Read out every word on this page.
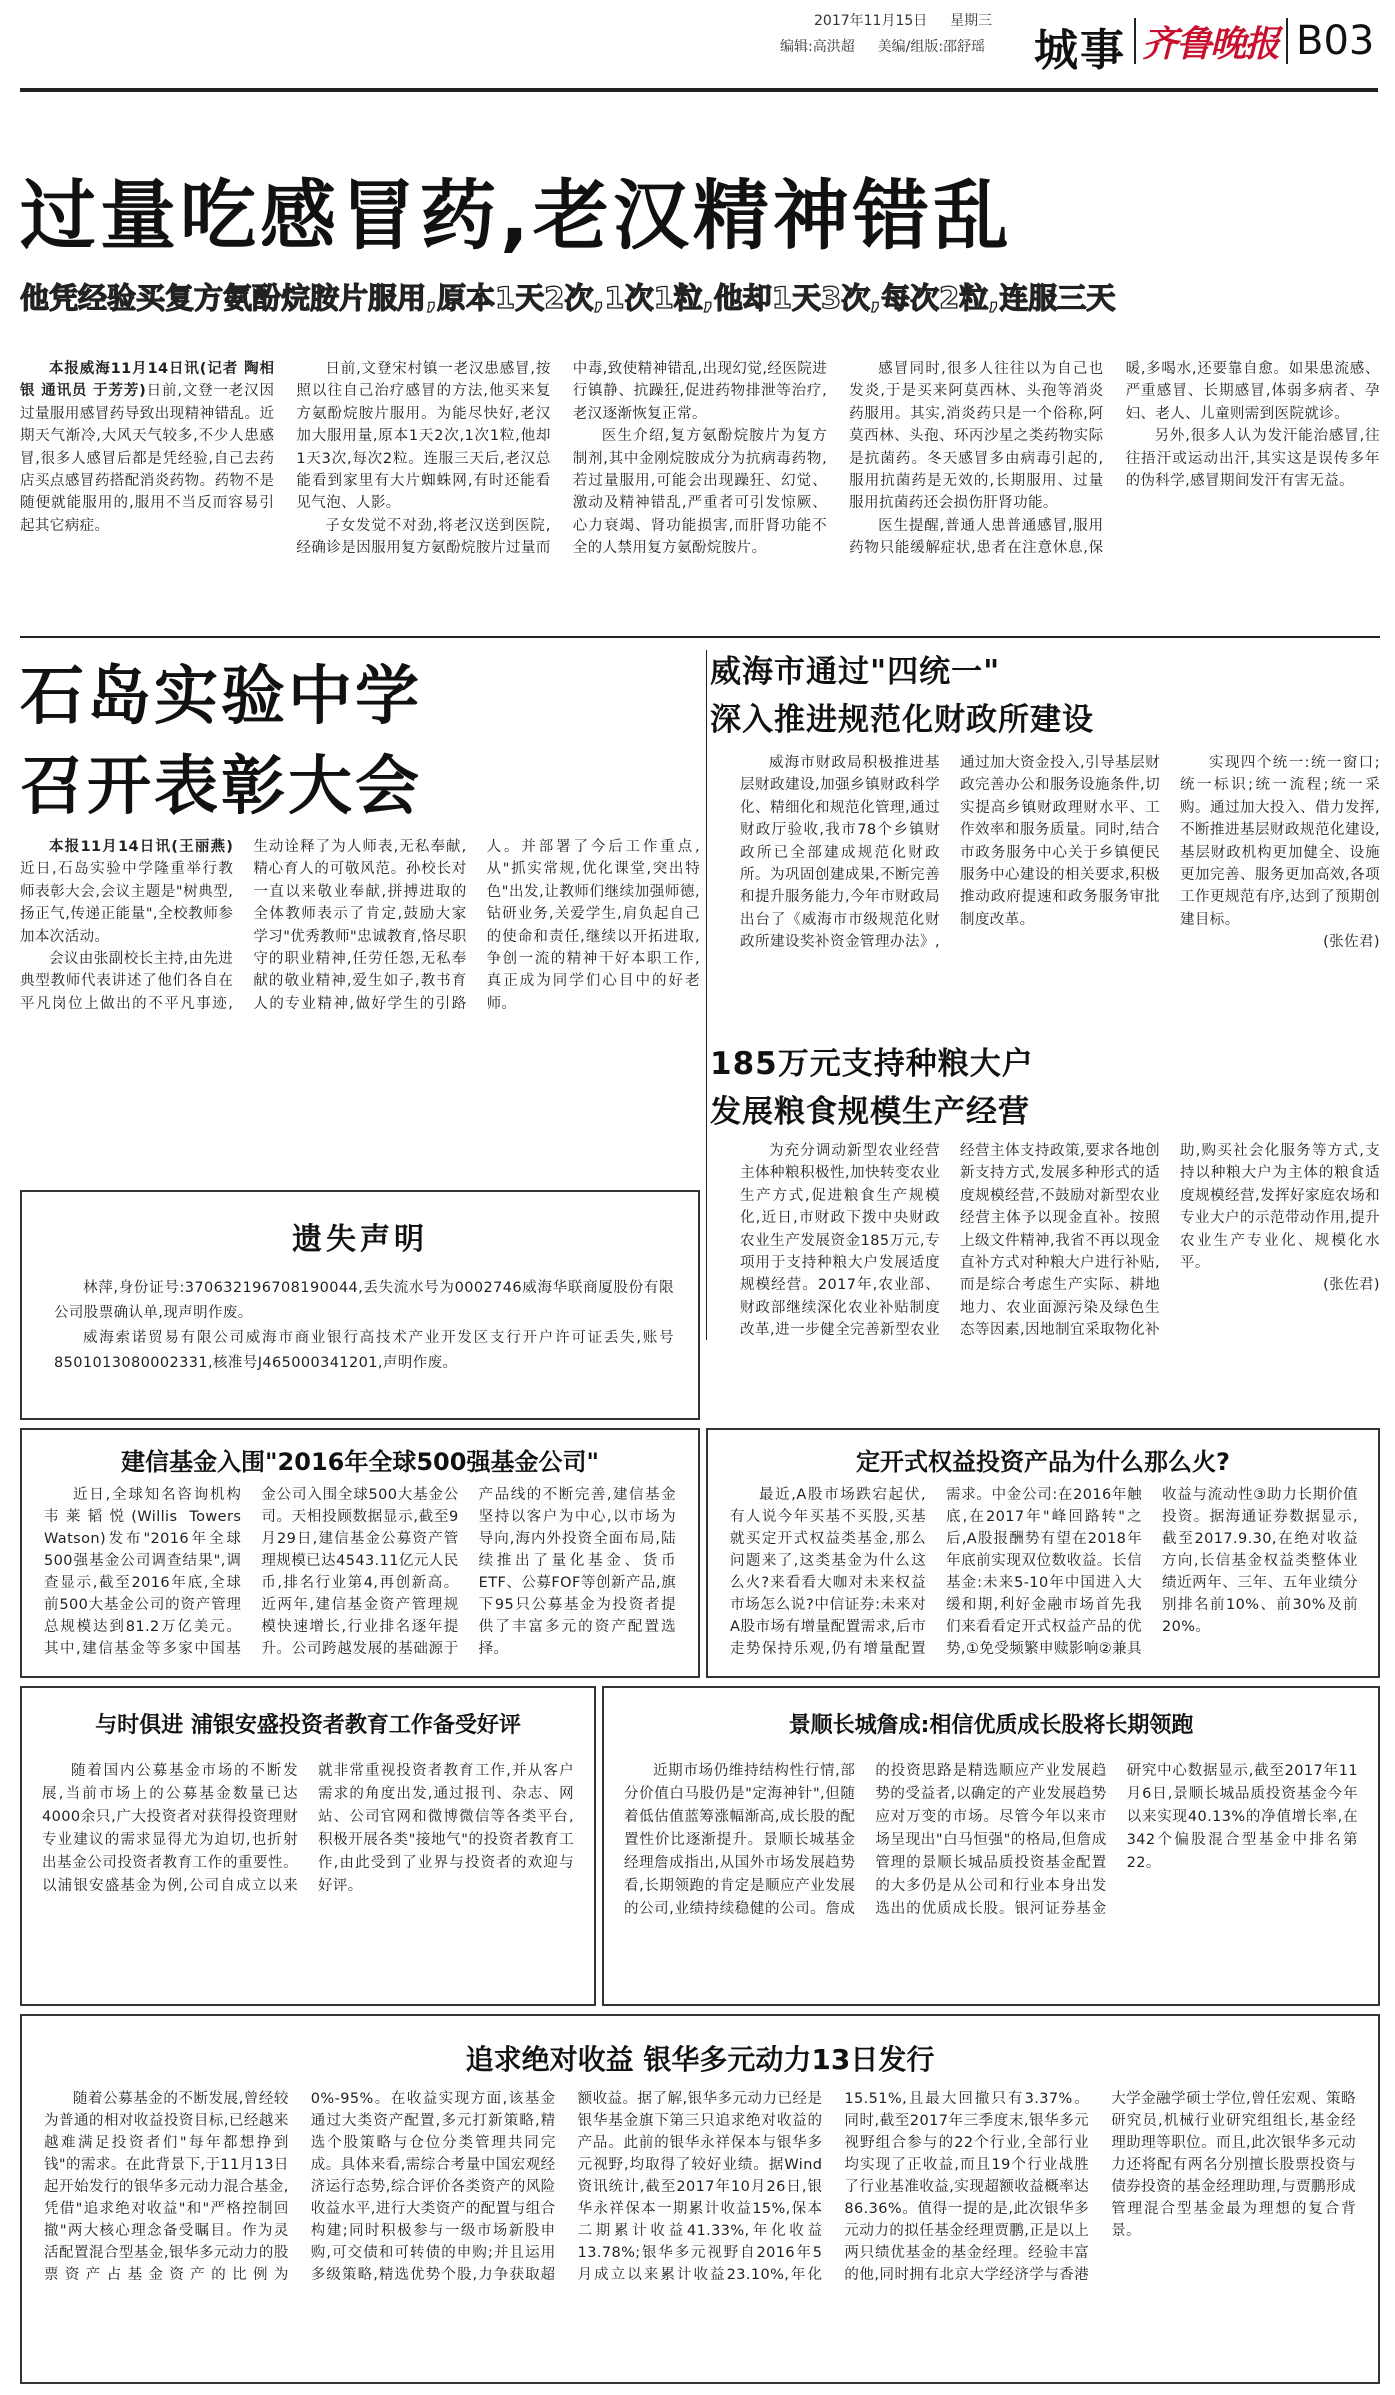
2017年11月15日 星期三
编辑:高洪超 美编/组版:邵舒瑶 城事 齐鲁晚报 B03
过量吃感冒药,老汉精神错乱
他凭经验买复方氨酚烷胺片服用,原本1天2次,1次1粒,他却1天3次,每次2粒,连服三天

本报威海11月14日讯(记者 陶相银 通讯员 于芳芳)日前,文登一老汉因过量服用感冒药导致出现精神错乱。近期天气渐冷,大风天气较多,不少人患感冒,很多人感冒后都是凭经验,自己去药店买点感冒药搭配消炎药物。药物不是随便就能服用的,服用不当反而容易引起其它病症。

日前,文登宋村镇一老汉患感冒,按照以往自己治疗感冒的方法,他买来复方氨酚烷胺片服用。为能尽快好,老汉加大服用量,原本1天2次,1次1粒,他却1天3次,每次2粒。连服三天后,老汉总能看到家里有大片蜘蛛网,有时还能看见气泡、人影。

子女发觉不对劲,将老汉送到医院,经确诊是因服用复方氨酚烷胺片过量而中毒,致使精神错乱,出现幻觉,经医院进行镇静、抗躁狂,促进药物排泄等治疗,老汉逐渐恢复正常。

医生介绍,复方氨酚烷胺片为复方制剂,其中金刚烷胺成分为抗病毒药物,若过量服用,可能会出现躁狂、幻觉、激动及精神错乱,严重者可引发惊厥、心力衰竭、肾功能损害,而肝肾功能不全的人禁用复方氨酚烷胺片。

感冒同时,很多人往往以为自己也发炎,于是买来阿莫西林、头孢等消炎药服用。其实,消炎药只是一个俗称,阿莫西林、头孢、环丙沙星之类药物实际是抗菌药。冬天感冒多由病毒引起的,服用抗菌药是无效的,长期服用、过量服用抗菌药还会损伤肝肾功能。

医生提醒,普通人患普通感冒,服用药物只能缓解症状,患者在注意休息,保暖,多喝水,还要靠自愈。如果患流感、严重感冒、长期感冒,体弱多病者、孕妇、老人、儿童则需到医院就诊。

另外,很多人认为发汗能治感冒,往往捂汗或运动出汗,其实这是误传多年的伪科学,感冒期间发汗有害无益。

石岛实验中学
召开表彰大会

本报11月14日讯(王丽燕)近日,石岛实验中学隆重举行教师表彰大会,会议主题是"树典型,扬正气,传递正能量",全校教师参加本次活动。

会议由张副校长主持,由先进典型教师代表讲述了他们各自在平凡岗位上做出的不平凡事迹,生动诠释了为人师表,无私奉献,精心育人的可敬风范。孙校长对一直以来敬业奉献,拼搏进取的全体教师表示了肯定,鼓励大家学习"优秀教师"忠诚教育,恪尽职守的职业精神,任劳任怨,无私奉献的敬业精神,爱生如子,教书育人的专业精神,做好学生的引路人。并部署了今后工作重点,从"抓实常规,优化课堂,突出特色"出发,让教师们继续加强师德,钻研业务,关爱学生,肩负起自己的使命和责任,继续以开拓进取,争创一流的精神干好本职工作,真正成为同学们心目中的好老师。

威海市通过"四统一"
深入推进规范化财政所建设

威海市财政局积极推进基层财政建设,加强乡镇财政科学化、精细化和规范化管理,通过财政厅验收,我市78个乡镇财政所已全部建成规范化财政所。为巩固创建成果,不断完善和提升服务能力,今年市财政局出台了《威海市市级规范化财政所建设奖补资金管理办法》,通过加大资金投入,引导基层财政完善办公和服务设施条件,切实提高乡镇财政理财水平、工作效率和服务质量。同时,结合市政务服务中心关于乡镇便民服务中心建设的相关要求,积极推动政府提速和政务服务审批制度改革。

实现四个统一:统一窗口;统一标识;统一流程;统一采购。通过加大投入、借力发挥,不断推进基层财政规范化建设,基层财政机构更加健全、设施更加完善、服务更加高效,各项工作更规范有序,达到了预期创建目标。

(张佐君)

185万元支持种粮大户
发展粮食规模生产经营

为充分调动新型农业经营主体种粮积极性,加快转变农业生产方式,促进粮食生产规模化,近日,市财政下拨中央财政农业生产发展资金185万元,专项用于支持种粮大户发展适度规模经营。2017年,农业部、财政部继续深化农业补贴制度改革,进一步健全完善新型农业经营主体支持政策,要求各地创新支持方式,发展多种形式的适度规模经营,不鼓励对新型农业经营主体予以现金直补。按照上级文件精神,我省不再以现金直补方式对种粮大户进行补贴,而是综合考虑生产实际、耕地地力、农业面源污染及绿色生态等因素,因地制宜采取物化补助,购买社会化服务等方式,支持以种粮大户为主体的粮食适度规模经营,发挥好家庭农场和专业大户的示范带动作用,提升农业生产专业化、规模化水平。

(张佐君)

遗失声明

林萍,身份证号:370632196708190044,丢失流水号为0002746威海华联商厦股份有限公司股票确认单,现声明作废。

威海索诺贸易有限公司威海市商业银行高技术产业开发区支行开户许可证丢失,账号8501013080002331,核准号J465000341201,声明作废。

建信基金入围"2016年全球500强基金公司"
近日,全球知名咨询机构韦莱韬悦(Willis Towers Watson)发布"2016年全球500强基金公司调查结果",调查显示,截至2016年底,全球前500大基金公司的资产管理总规模达到81.2万亿美元。其中,建信基金等多家中国基金公司入围全球500大基金公司。天相投顾数据显示,截至9月29日,建信基金公募资产管理规模已达4543.11亿元人民币,排名行业第4,再创新高。近两年,建信基金资产管理规模快速增长,行业排名逐年提升。公司跨越发展的基础源于产品线的不断完善,建信基金坚持以客户为中心,以市场为导向,海内外投资全面布局,陆续推出了量化基金、货币ETF、公募FOF等创新产品,旗下95只公募基金为投资者提供了丰富多元的资产配置选择。
定开式权益投资产品为什么那么火?
最近,A股市场跌宕起伏,有人说今年买基不买股,买基就买定开式权益类基金,那么问题来了,这类基金为什么这么火?来看看大咖对未来权益市场怎么说?中信证券:未来对A股市场有增量配置需求,后市走势保持乐观,仍有增量配置需求。中金公司:在2016年触底,在2017年"峰回路转"之后,A股报酬势有望在2018年年底前实现双位数收益。长信基金:未来5-10年中国进入大缓和期,利好金融市场首先我们来看看定开式权益产品的优势,①免受频繁申赎影响②兼具收益与流动性③助力长期价值投资。据海通证券数据显示,截至2017.9.30,在绝对收益方向,长信基金权益类整体业绩近两年、三年、五年业绩分别排名前10%、前30%及前20%。
与时俱进 浦银安盛投资者教育工作备受好评
随着国内公募基金市场的不断发展,当前市场上的公募基金数量已达4000余只,广大投资者对获得投资理财专业建议的需求显得尤为迫切,也折射出基金公司投资者教育工作的重要性。以浦银安盛基金为例,公司自成立以来就非常重视投资者教育工作,并从客户需求的角度出发,通过报刊、杂志、网站、公司官网和微博微信等各类平台,积极开展各类"接地气"的投资者教育工作,由此受到了业界与投资者的欢迎与好评。
景顺长城詹成:相信优质成长股将长期领跑
近期市场仍维持结构性行情,部分价值白马股仍是"定海神针",但随着低估值蓝筹涨幅渐高,成长股的配置性价比逐渐提升。景顺长城基金经理詹成指出,从国外市场发展趋势看,长期领跑的肯定是顺应产业发展的公司,业绩持续稳健的公司。詹成的投资思路是精选顺应产业发展趋势的受益者,以确定的产业发展趋势应对万变的市场。尽管今年以来市场呈现出"白马恒强"的格局,但詹成管理的景顺长城品质投资基金配置的大多仍是从公司和行业本身出发选出的优质成长股。银河证券基金研究中心数据显示,截至2017年11月6日,景顺长城品质投资基金今年以来实现40.13%的净值增长率,在342个偏股混合型基金中排名第22。
追求绝对收益 银华多元动力13日发行
随着公募基金的不断发展,曾经较为普通的相对收益投资目标,已经越来越难满足投资者们"每年都想挣到钱"的需求。在此背景下,于11月13日起开始发行的银华多元动力混合基金,凭借"追求绝对收益"和"严格控制回撤"两大核心理念备受瞩目。作为灵活配置混合型基金,银华多元动力的股票资产占基金资产的比例为0%-95%。在收益实现方面,该基金通过大类资产配置,多元打新策略,精选个股策略与仓位分类管理共同完成。具体来看,需综合考量中国宏观经济运行态势,综合评价各类资产的风险收益水平,进行大类资产的配置与组合构建;同时积极参与一级市场新股申购,可交债和可转债的申购;并且运用多级策略,精选优势个股,力争获取超额收益。据了解,银华多元动力已经是银华基金旗下第三只追求绝对收益的产品。此前的银华永祥保本与银华多元视野,均取得了较好业绩。据Wind资讯统计,截至2017年10月26日,银华永祥保本一期累计收益15%,保本二期累计收益41.33%,年化收益13.78%;银华多元视野自2016年5月成立以来累计收益23.10%,年化15.51%,且最大回撤只有3.37%。同时,截至2017年三季度末,银华多元视野组合参与的22个行业,全部行业均实现了正收益,而且19个行业战胜了行业基准收益,实现超额收益概率达86.36%。值得一提的是,此次银华多元动力的拟任基金经理贾鹏,正是以上两只绩优基金的基金经理。经验丰富的他,同时拥有北京大学经济学与香港大学金融学硕士学位,曾任宏观、策略研究员,机械行业研究组组长,基金经理助理等职位。而且,此次银华多元动力还将配有两名分别擅长股票投资与债券投资的基金经理助理,与贾鹏形成管理混合型基金最为理想的复合背景。
